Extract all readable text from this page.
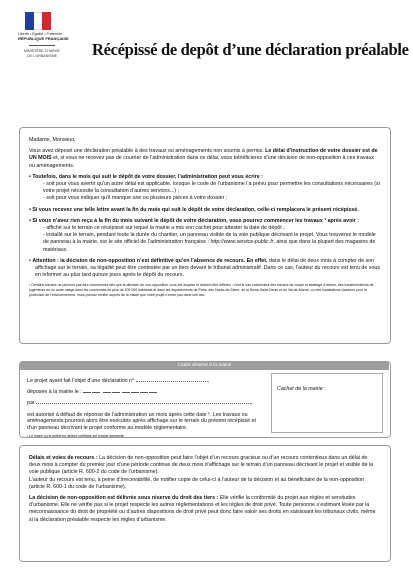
Liberté • Égalité • Fraternité
RÉPUBLIQUE FRANÇAISE
MINISTÈRE CHARGÉ
DE L'URBANISME	Récépissé de depôt d’une déclaration préalable

Madame, Monsieur,

Vous avez déposé une déclaration préalable à des travaux ou aménagements non soumis à permis. Le délai d’instruction de votre dossier est de UN MOIS et, si vous ne recevez pas de courrier de l’administration dans ce délai, vous bénéficierez d’une décision de non-opposition à ces travaux ou aménagements.

• Toutefois, dans le mois qui suit le dépôt de votre dossier, l’administration peut vous écrire :

- soit pour vous avertir qu’un autre délai est applicable, lorsque le code de l’urbanisme l’a prévu pour permettre les consultations nécessaires (si votre projet nécessite la consultation d’autres services...) ;

- soit pour vous indiquer qu’il manque une ou plusieurs pièces à votre dossier ;

• Si vous recevez une telle lettre avant la fin du mois qui suit le dépôt de votre déclaration, celle-ci remplacera le présent récépissé.

• Si vous n’avez rien reçu à la fin du mois suivant le dépôt de votre déclaration, vous pourrez commencer les travaux ¹ après avoir :

- affiché sur le terrain ce récépissé sur lequel la mairie a mis son cachet pour attester la date de dépôt ;

- installé sur le terrain, pendant toute la durée du chantier, un panneau visible de la voie publique décrivant le projet. Vous trouverez le modèle de panneau à la mairie, sur le site officiel de l’administration française : http://www.service-public.fr, ainsi que dans la plupart des magasins de matériaux.

• Attention : la décision de non-opposition n’est définitive qu’en l’absence de recours. En effet, dans le délai de deux mois à compter de son affichage sur le terrain, sa légalité peut être contestée par un tiers devant le tribunal administratif. Dans ce cas, l’auteur du recours est tenu de vous en informer au plus tard quinze jours après le dépôt du recours.

¹ Certains travaux ne peuvent pas être commencés dès que la décision de non-opposition vous est acquise et doivent être différés : c’est le cas notamment des travaux de coupe et abattage d’arbres, des transformations de logements en un autre usage dans les communes de plus de 200 000 habitants et dans les départements de Paris, des Hauts-de-Seine, de la Seine-Saint-Denis et du Val-de-Marne, ou des installations classées pour la protection de l’environnement. Vous pouvez vérifier auprès de la mairie que votre projet n’entre pas dans ces cas.

Cadre réservé à la mairie

Le projet ayant fait l’objet d’une déclaration n°	,

déposée à la mairie le :

par	,

est autorisé à défaut de réponse de l’administration un mois après cette date ². Les travaux ou aménagements pourront alors être exécutés après affichage sur le terrain du présent récépissé et d’un panneau décrivant le projet conforme au modèle réglementaire.

² Le maire ou le préfet en délivre certificat sur simple demande.

Cachet de la mairie :

Délais et voies de recours : La décision de non-opposition peut faire l’objet d’un recours gracieux ou d’un recours contentieux dans un délai de deux mois à compter du premier jour d’une période continue de deux mois d’affichage sur le terrain d’un panneau décrivant le projet et visible de la voie publique (article R. 600-2 du code de l’urbanisme).

L’auteur du recours est tenu, à peine d’irrecevabilité, de notifier copie de celui-ci à l’auteur de la décision et au bénéficiaire de la non-opposition (article R. 600-1 du code de l’urbanisme).

La décision de non-opposition est délivrée sous réserve du droit des tiers : Elle vérifie la conformité du projet aux règles et servitudes d’urbanisme. Elle ne vérifie pas si le projet respecte les autres réglementations et les règles de droit privé. Toute personne s’estimant lésée par la méconnaissance du droit de propriété ou d’autres dispositions de droit privé peut donc faire valoir ses droits en saisissant les tribunaux civils, même si la déclaration préalable respecte les règles d’urbanisme.
